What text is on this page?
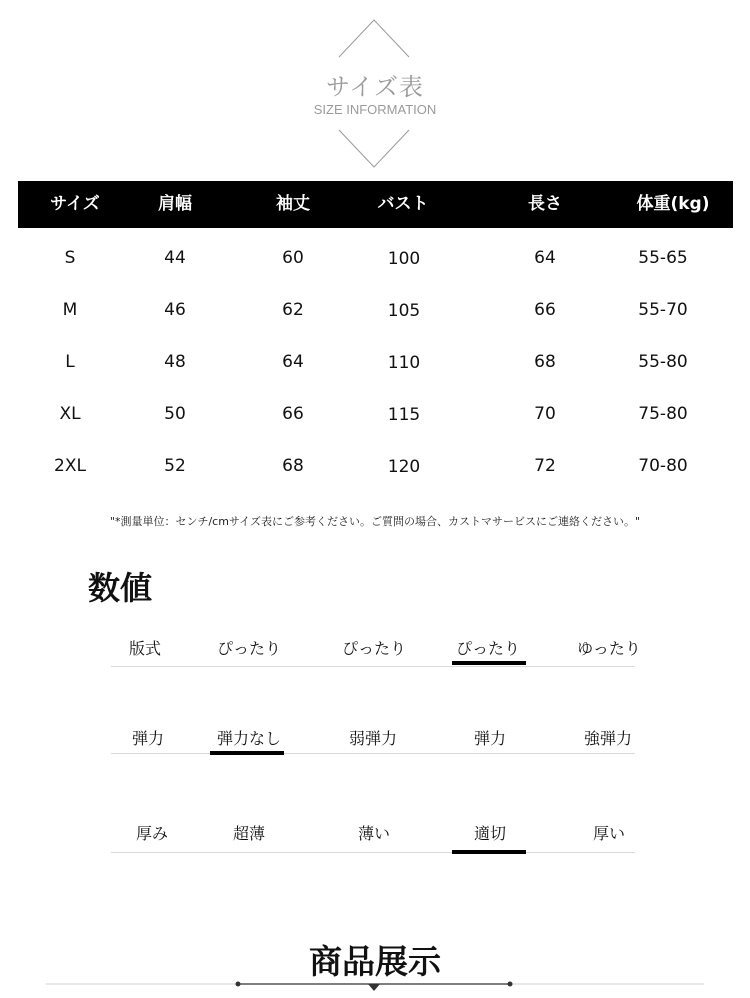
サイズ表
SIZE INFORMATION
サイズ	肩幅	袖丈	バスト	長さ	体重(kg)
S	44	60	100	64	55-65
M	46	62	105	66	55-70
L	48	64	110	68	55-80
XL	50	66	115	70	75-80
2XL	52	68	120	72	70-80
"*測量単位：センチ/cmサイズ表にご参考ください。ご質問の場合、カストマサービスにご連絡ください。"
数値
版式	ぴったり	ぴったり	ぴったり	ゆったり
弾力	弾力なし	弱弾力	弾力	強弾力
厚み	超薄	薄い	適切	厚い
商品展示
